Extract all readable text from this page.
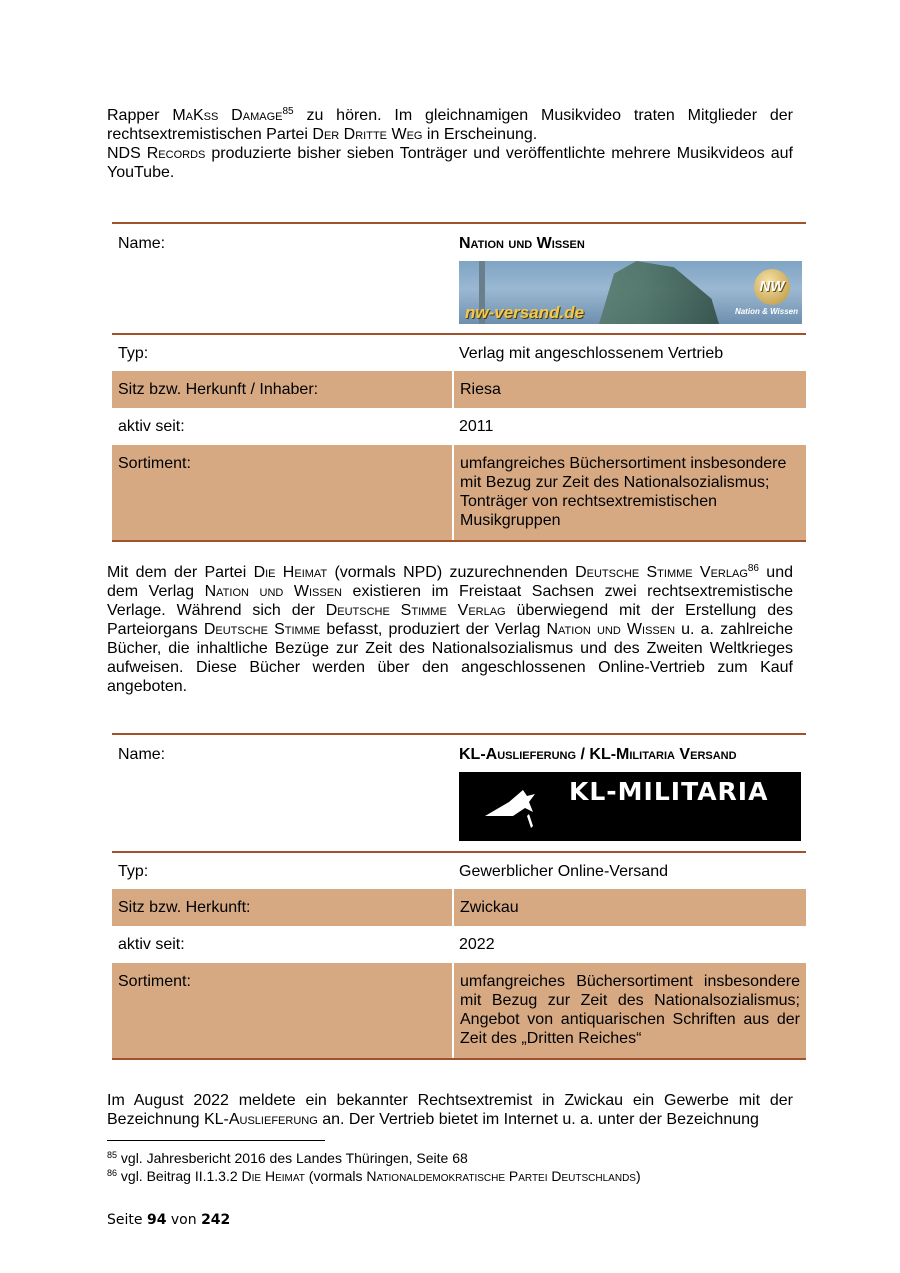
Rapper MaKss Damage$^{85}$ zu hören. Im gleichnamigen Musikvideo traten Mitglieder der rechtsextremistischen Partei Der Dritte Weg in Erscheinung.
NDS Records produzierte bisher sieben Tonträger und veröffentlichte mehrere Musikvideos auf YouTube.

Name:	Nation und Wissen
nw-versand.de
NW
Nation & Wissen

Typ:	Verlag mit angeschlossenem Vertrieb
Sitz bzw. Herkunft / Inhaber:	Riesa
aktiv seit:	2011
Sortiment:	umfangreiches Büchersortiment insbesondere mit Bezug zur Zeit des Nationalsozialismus; Tonträger von rechtsextremistischen Musikgruppen

Mit dem der Partei Die Heimat (vormals NPD) zuzurechnenden Deutsche Stimme Verlag$^{86}$ und dem Verlag Nation und Wissen existieren im Freistaat Sachsen zwei rechtsextremistische Verlage. Während sich der Deutsche Stimme Verlag überwiegend mit der Erstellung des Parteiorgans Deutsche Stimme befasst, produziert der Verlag Nation und Wissen u. a. zahlreiche Bücher, die inhaltliche Bezüge zur Zeit des Nationalsozialismus und des Zweiten Weltkrieges aufweisen. Diese Bücher werden über den angeschlossenen Online-Vertrieb zum Kauf angeboten.

Name:	KL-Auslieferung / KL-Militaria Versand
KL-MILITARIA

Typ:	Gewerblicher Online-Versand
Sitz bzw. Herkunft:	Zwickau
aktiv seit:	2022
Sortiment:	umfangreiches Büchersortiment insbesondere mit Bezug zur Zeit des Nationalsozialismus; Angebot von antiquarischen Schriften aus der Zeit des „Dritten Reiches“

Im August 2022 meldete ein bekannter Rechtsextremist in Zwickau ein Gewerbe mit der Bezeichnung KL-Auslieferung an. Der Vertrieb bietet im Internet u. a. unter der Bezeichnung

$^{85}$ vgl. Jahresbericht 2016 des Landes Thüringen, Seite 68

$^{86}$ vgl. Beitrag II.1.3.2 Die Heimat (vormals Nationaldemokratische Partei Deutschlands)

Seite 94 von 242
